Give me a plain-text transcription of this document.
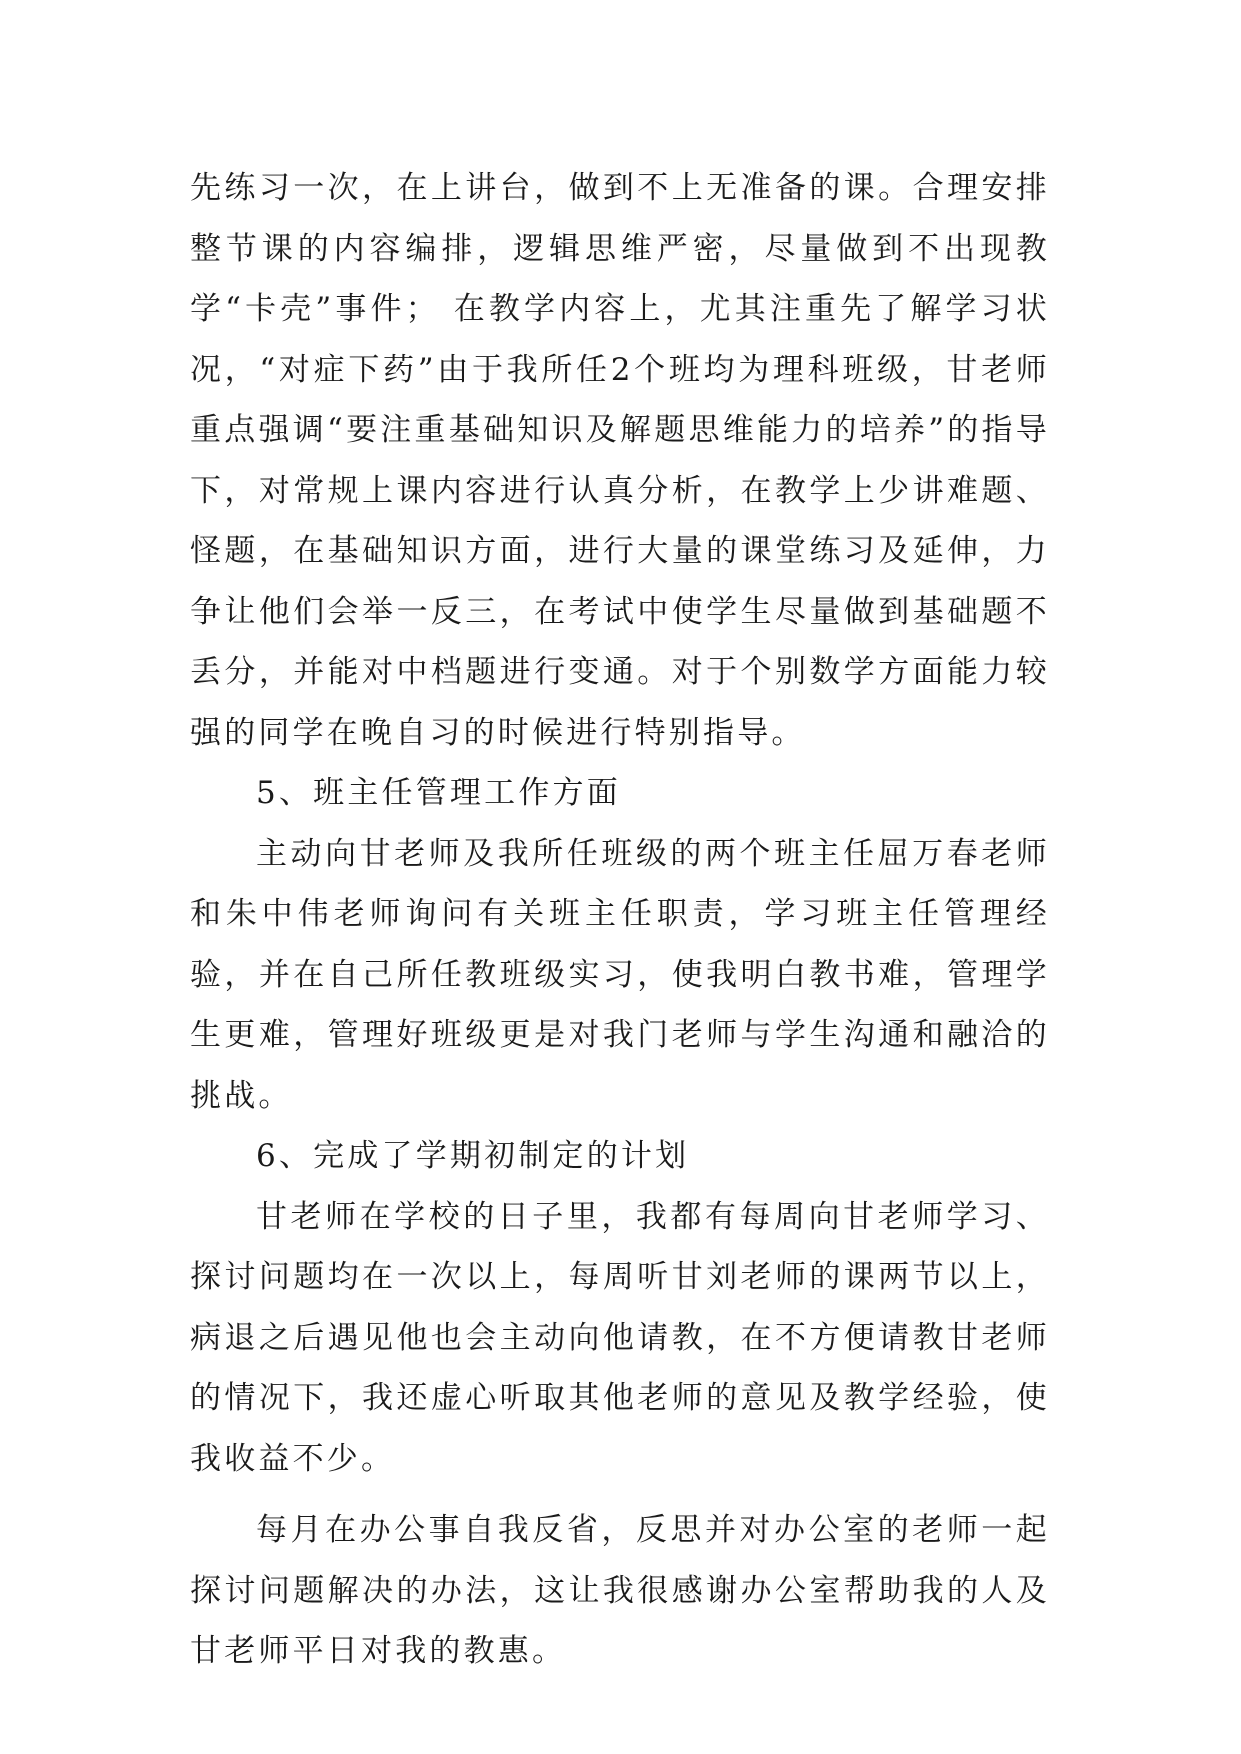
先练习一次，在上讲台，做到不上无准备的课。合理安排整节课的内容编排，逻辑思维严密，尽量做到不出现教学“卡壳”事件； 在教学内容上，尤其注重先了解学习状况，“对症下药”由于我所任2个班均为理科班级，甘老师重点强调“要注重基础知识及解题思维能力的培养”的指导下，对常规上课内容进行认真分析，在教学上少讲难题、怪题，在基础知识方面，进行大量的课堂练习及延伸，力争让他们会举一反三，在考试中使学生尽量做到基础题不丢分，并能对中档题进行变通。对于个别数学方面能力较强的同学在晚自习的时候进行特别指导。

5、班主任管理工作方面

主动向甘老师及我所任班级的两个班主任屈万春老师和朱中伟老师询问有关班主任职责，学习班主任管理经验，并在自己所任教班级实习，使我明白教书难，管理学生更难，管理好班级更是对我门老师与学生沟通和融洽的挑战。

6、完成了学期初制定的计划

甘老师在学校的日子里，我都有每周向甘老师学习、探讨问题均在一次以上，每周听甘刘老师的课两节以上，病退之后遇见他也会主动向他请教，在不方便请教甘老师的情况下，我还虚心听取其他老师的意见及教学经验，使我收益不少。

每月在办公事自我反省，反思并对办公室的老师一起探讨问题解决的办法，这让我很感谢办公室帮助我的人及甘老师平日对我的教惠。
